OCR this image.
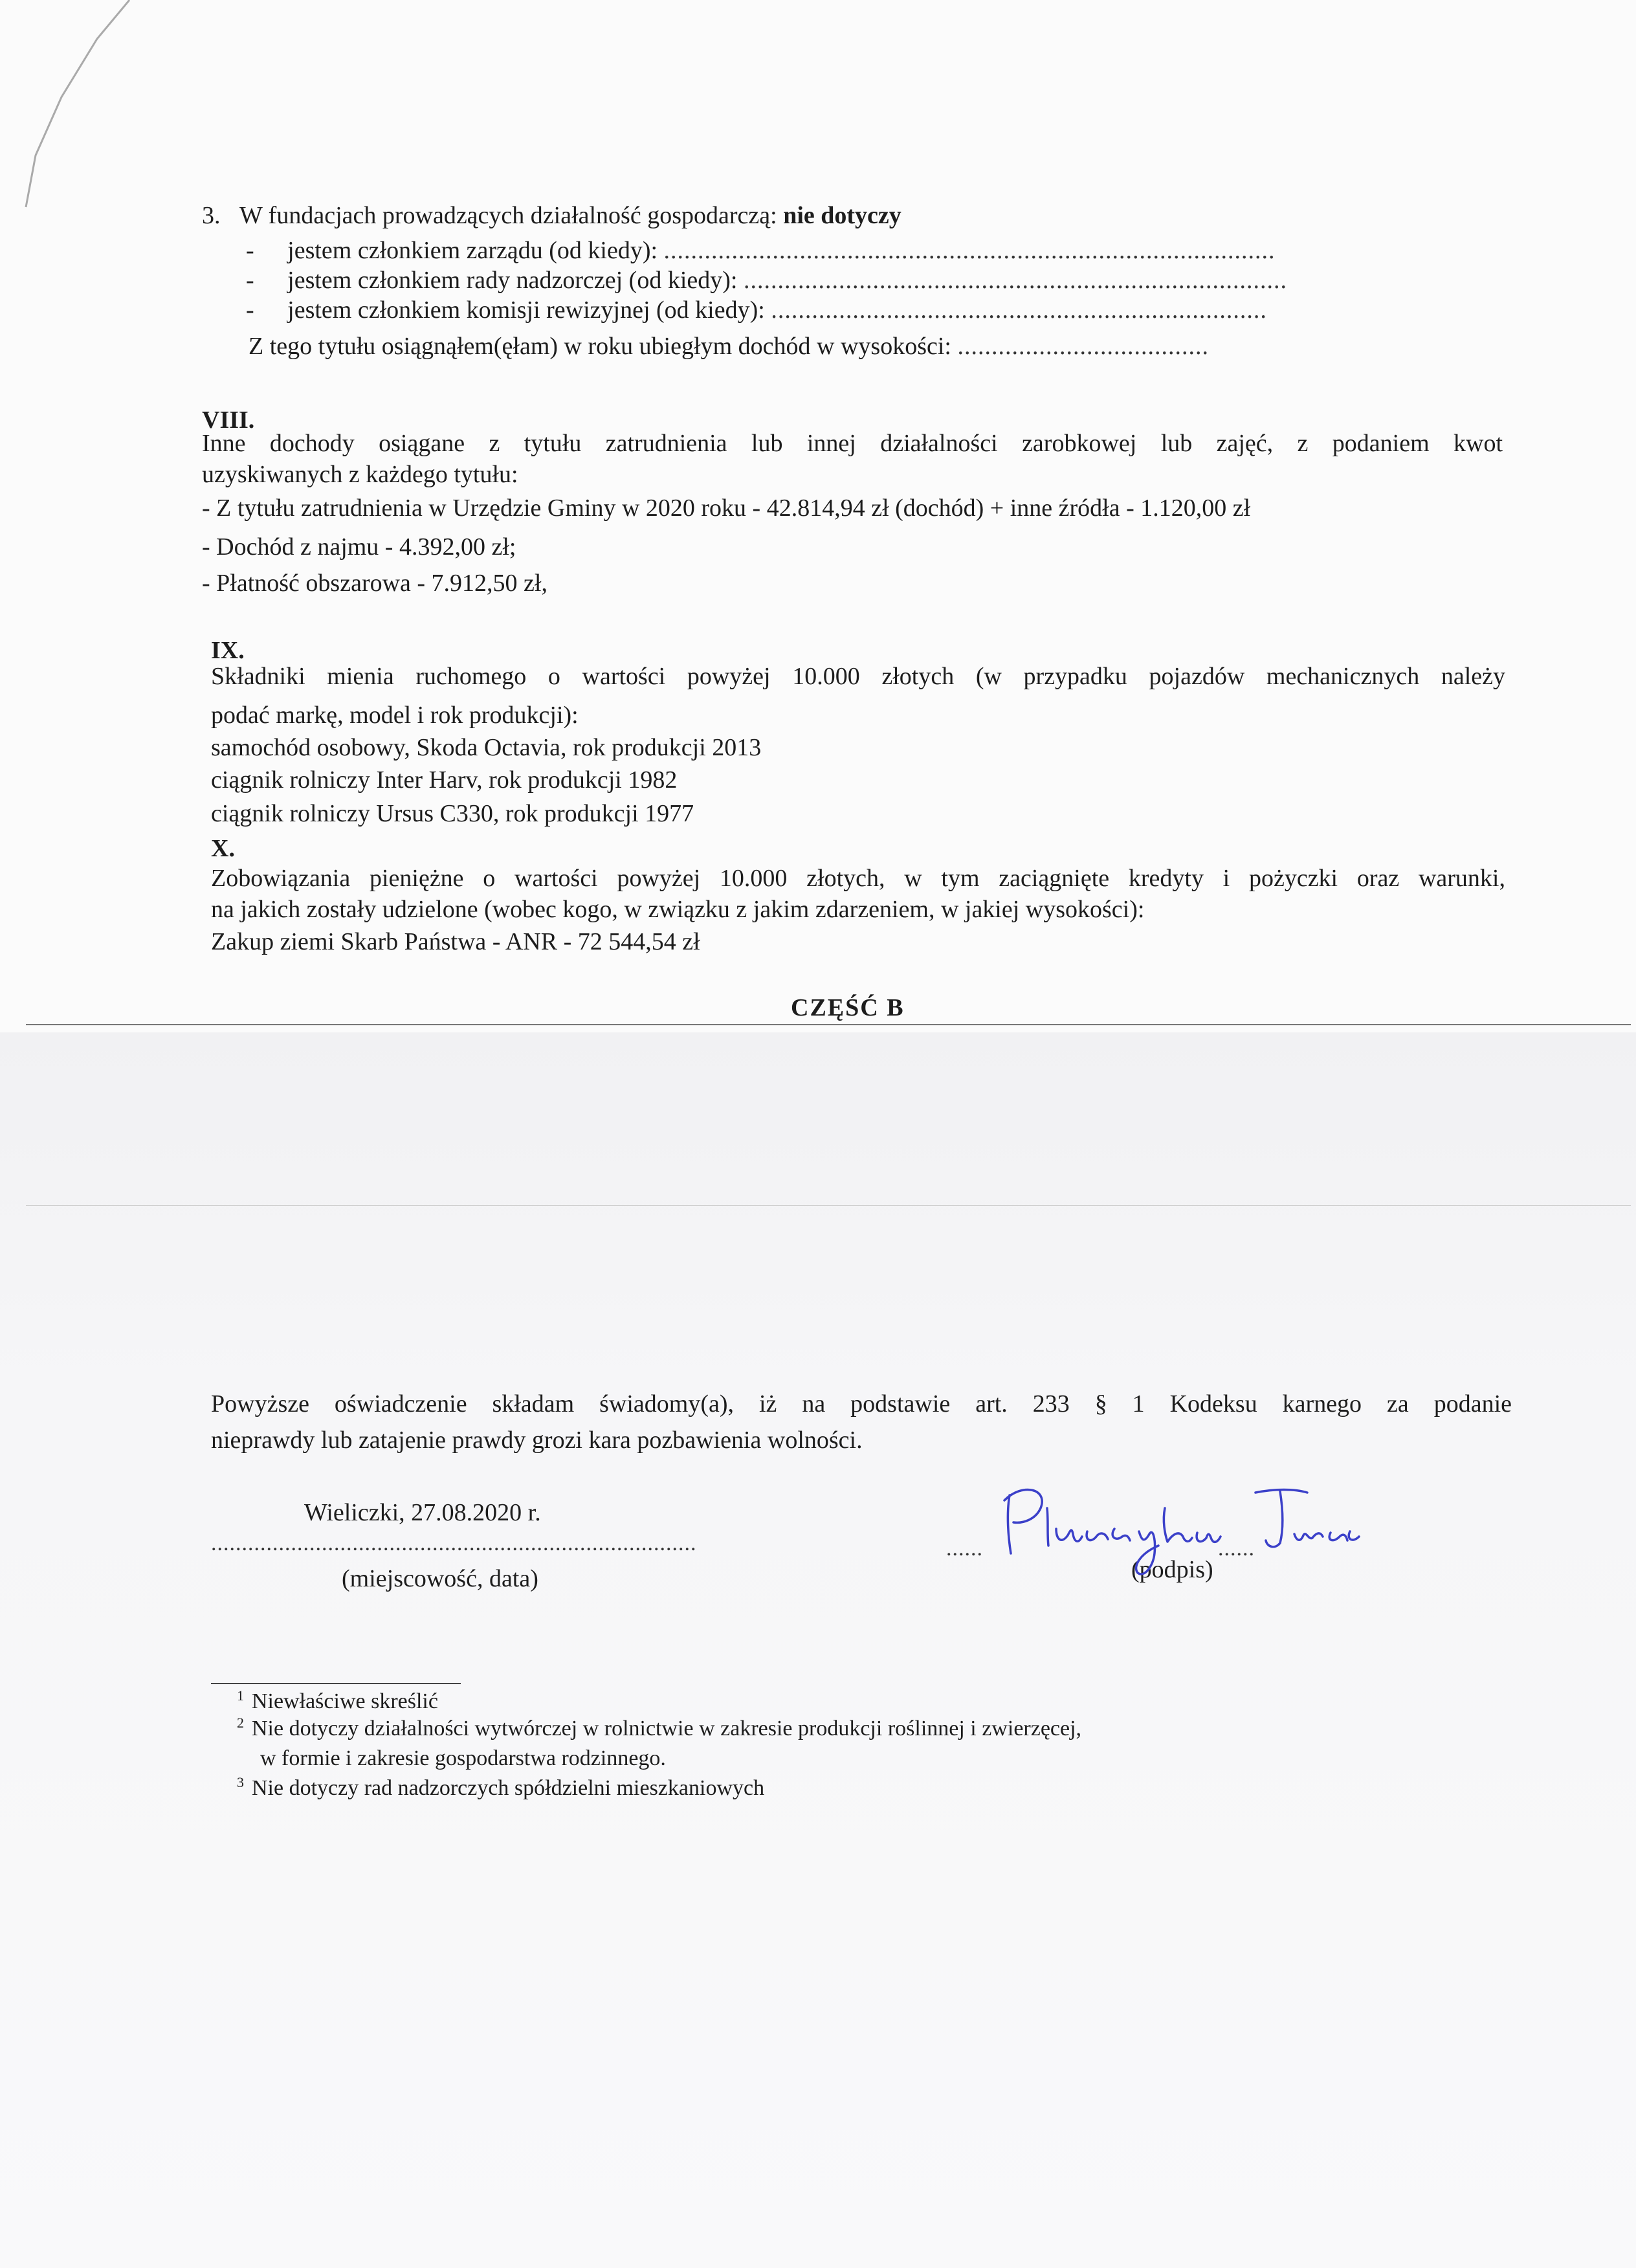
3. W fundacjach prowadzących działalność gospodarczą: nie dotyczy
- jestem członkiem zarządu (od kiedy): ..........................................................................................
- jestem członkiem rady nadzorczej (od kiedy): ................................................................................
- jestem członkiem komisji rewizyjnej (od kiedy): .........................................................................
Z tego tytułu osiągnąłem(ęłam) w roku ubiegłym dochód w wysokości: .....................................
VIII.
Inne dochody osiągane z tytułu zatrudnienia lub innej działalności zarobkowej lub zajęć, z podaniem kwot
uzyskiwanych z każdego tytułu:
- Z tytułu zatrudnienia w Urzędzie Gminy w 2020 roku - 42.814,94 zł (dochód) + inne źródła - 1.120,00 zł
- Dochód z najmu - 4.392,00 zł;
- Płatność obszarowa - 7.912,50 zł,
IX.
Składniki mienia ruchomego o wartości powyżej 10.000 złotych (w przypadku pojazdów mechanicznych należy
podać markę, model i rok produkcji):
samochód osobowy, Skoda Octavia, rok produkcji 2013
ciągnik rolniczy Inter Harv, rok produkcji 1982
ciągnik rolniczy Ursus C330, rok produkcji 1977
X.
Zobowiązania pieniężne o wartości powyżej 10.000 złotych, w tym zaciągnięte kredyty i pożyczki oraz warunki,
na jakich zostały udzielone (wobec kogo, w związku z jakim zdarzeniem, w jakiej wysokości):
Zakup ziemi Skarb Państwa - ANR - 72 544,54 zł
CZĘŚĆ B
Powyższe oświadczenie składam świadomy(a), iż na podstawie art. 233 § 1 Kodeksu karnego za podanie
nieprawdy lub zatajenie prawdy grozi kara pozbawienia wolności.
Wieliczki, 27.08.2020 r.
...............................................................................
(miejscowość, data)
......	......
(podpis)
$^1$ Niewłaściwe skreślić
$^2$ Nie dotyczy działalności wytwórczej w rolnictwie w zakresie produkcji roślinnej i zwierzęcej,
w formie i zakresie gospodarstwa rodzinnego.
$^3$ Nie dotyczy rad nadzorczych spółdzielni mieszkaniowych
